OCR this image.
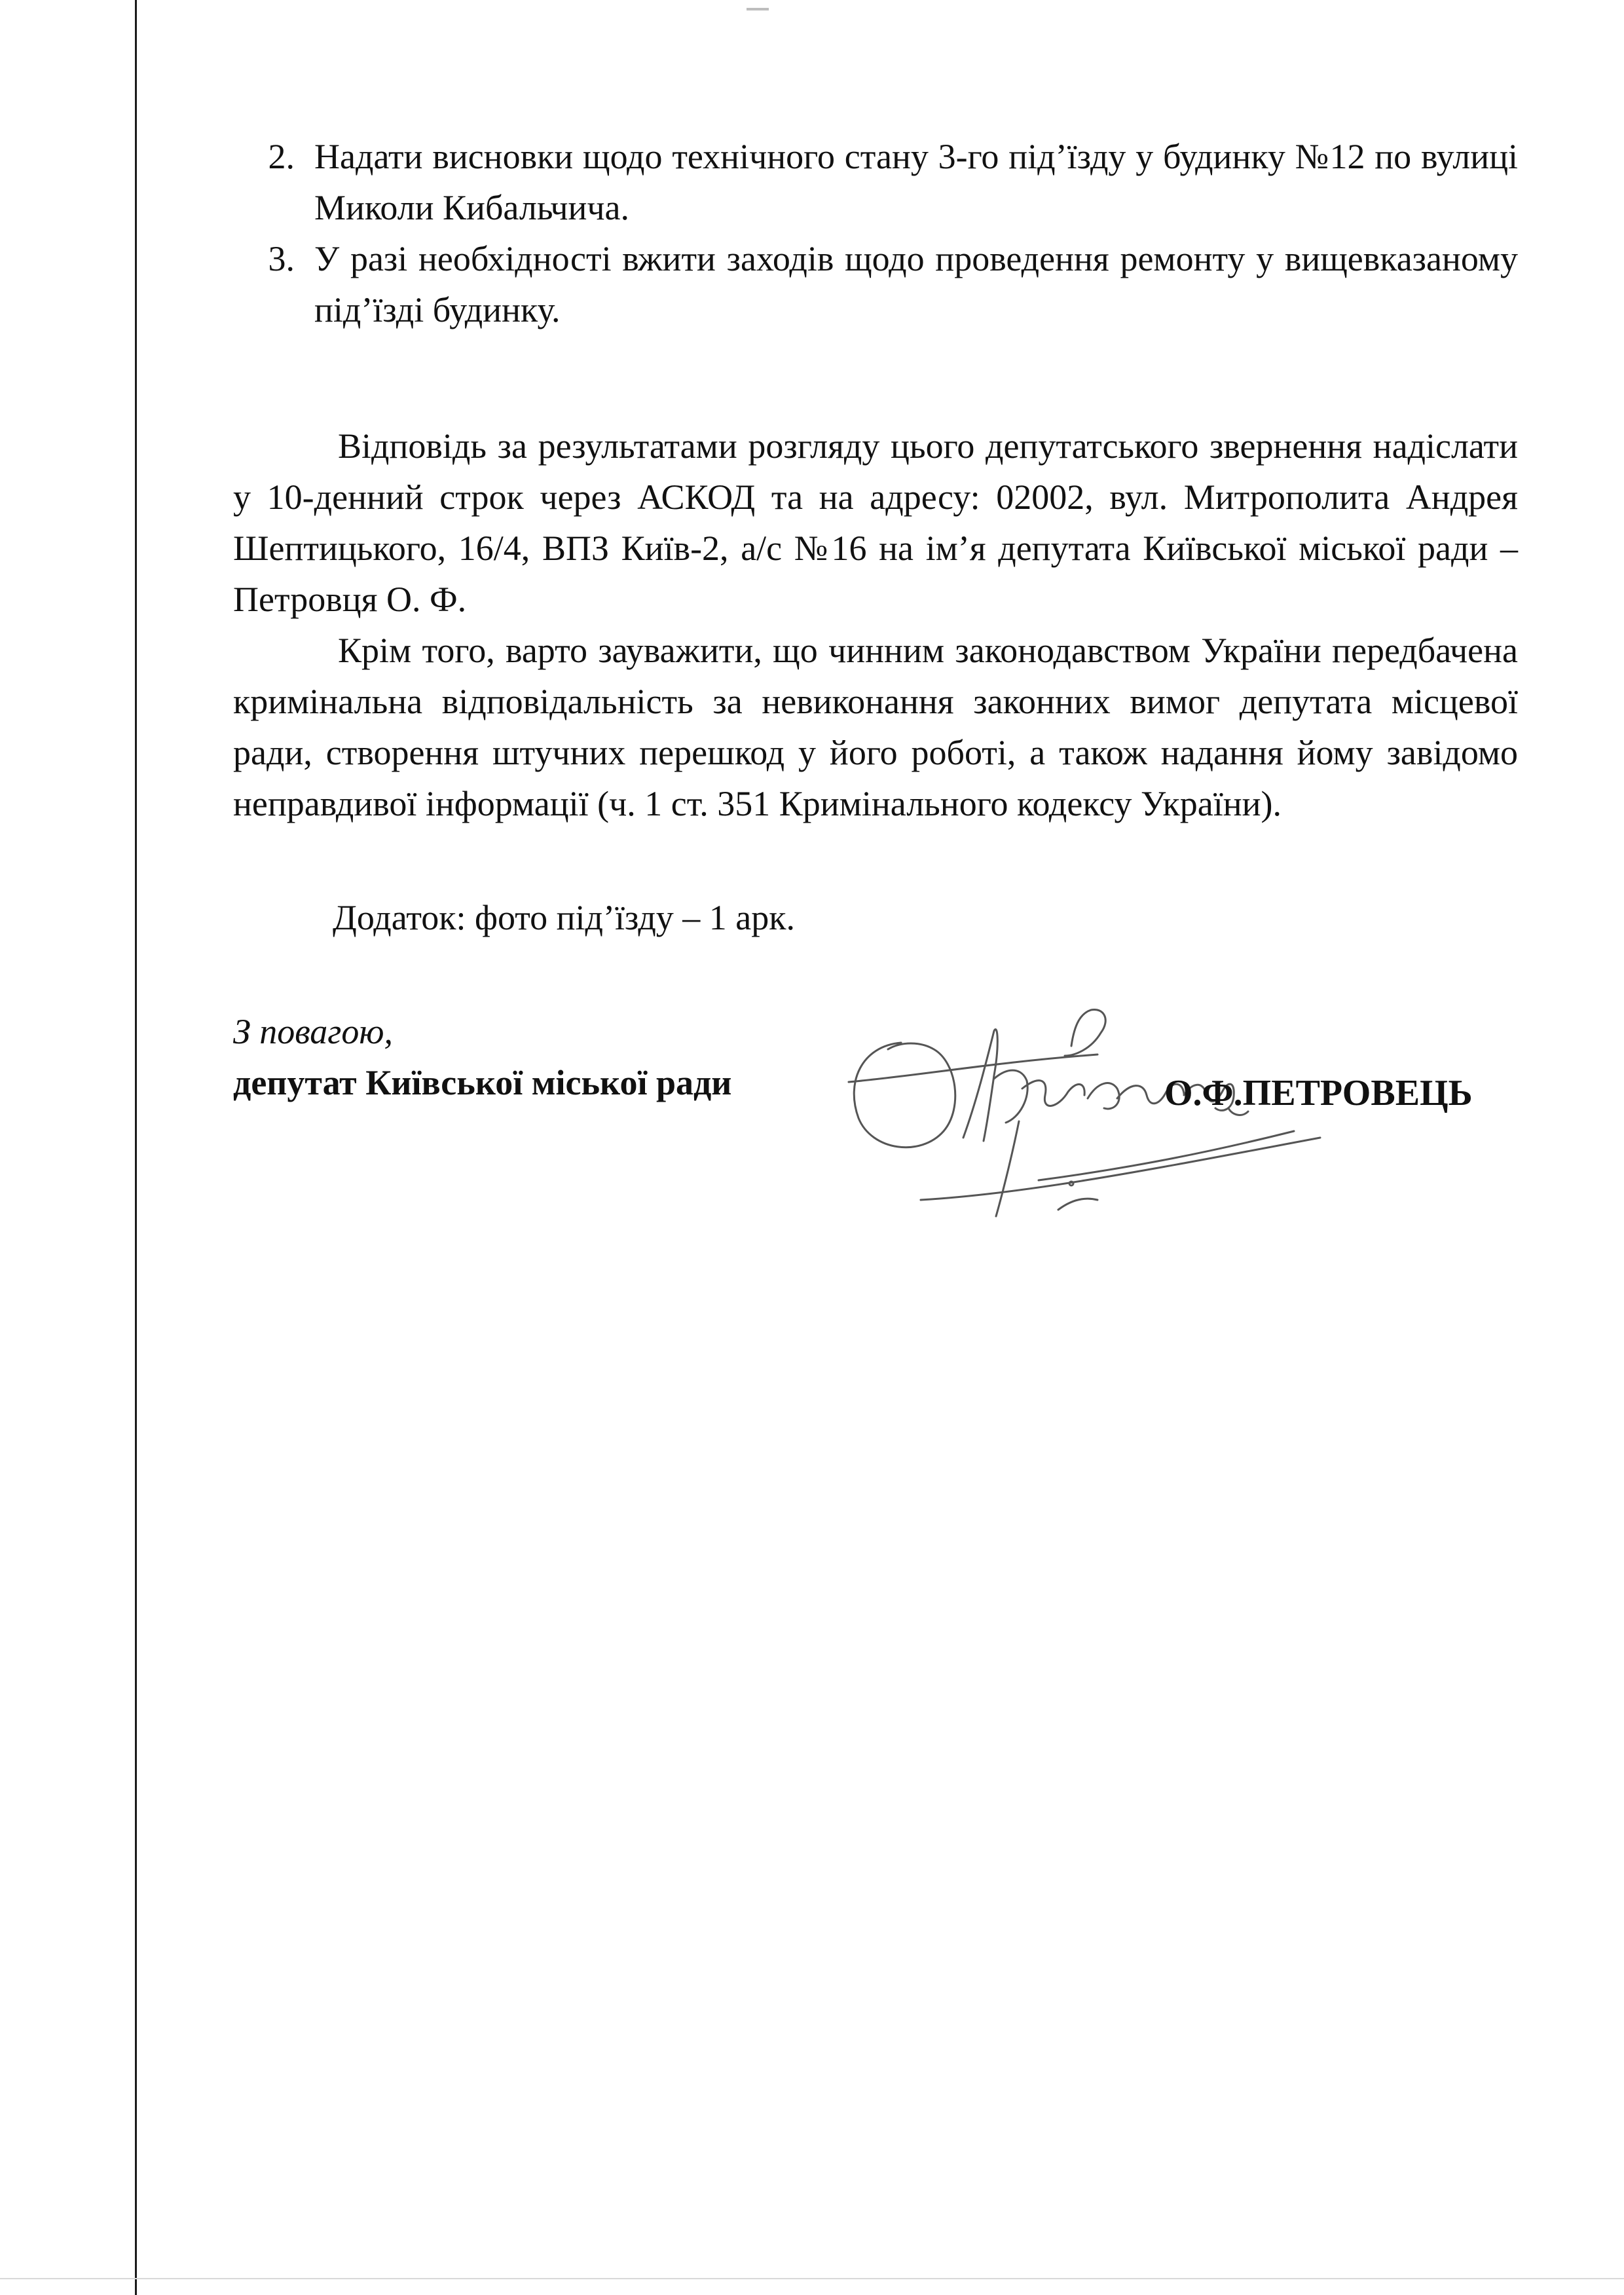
2. Надати висновки щодо технічного стану 3-го під’їзду у будинку №12 по вулиці Миколи Кибальчича.
3. У разі необхідності вжити заходів щодо проведення ремонту у вищевказаному під’їзді будинку.

Відповідь за результатами розгляду цього депутатського звернення надіслати у 10-денний строк через АСКОД та на адресу: 02002, вул. Митрополита Андрея Шептицького, 16/4, ВПЗ Київ-2, а/с №16 на ім’я депутата Київської міської ради – Петровця О. Ф.

Крім того, варто зауважити, що чинним законодавством України передбачена кримінальна відповідальність за невиконання законних вимог депутата місцевої ради, створення штучних перешкод у його роботі, а також надання йому завідомо неправдивої інформації (ч. 1 ст. 351 Кримінального кодексу України).

Додаток: фото під’їзду – 1 арк.
З повагою,
депутат Київської міської ради	О.Ф.ПЕТРОВЕЦЬ
